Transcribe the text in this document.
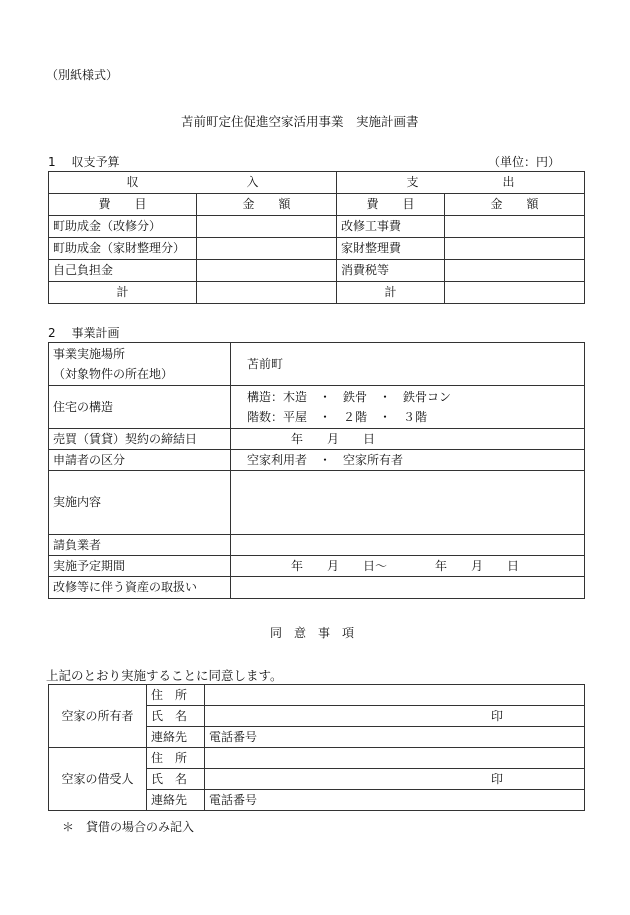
（別紙様式）
苫前町定住促進空家活用事業　実施計画書
1　 収支予算	（単位：円）
収　　　　　　　　　入		支　　　　　　　出	
費　　目	金　　額	費　　目	金　　額
町助成金（改修分）		改修工事費	
町助成金（家財整理分）		家財整理費	
自己負担金		消費税等	
計		計	
2　 事業計画
事業実施場所
（対象物件の所在地）	苫前町
住宅の構造	構造：木造　・　鉄骨　・　鉄骨コン
階数：平屋　・　２階　・　３階

売買（賃貸）契約の締結日	年　　月　　日
申請者の区分	空家利用者　・　空家所有者
実施内容	
請負業者	
実施予定期間	年　　月　　日～　　　　年　　月　　日
改修等に伴う資産の取扱い	
同　意　事　項
上記のとおり実施することに同意します。
空家の所有者	住　所	
	氏　名	印
	連絡先	電話番号
空家の借受人	住　所	
	氏　名	印
	連絡先	電話番号
＊　貸借の場合のみ記入
